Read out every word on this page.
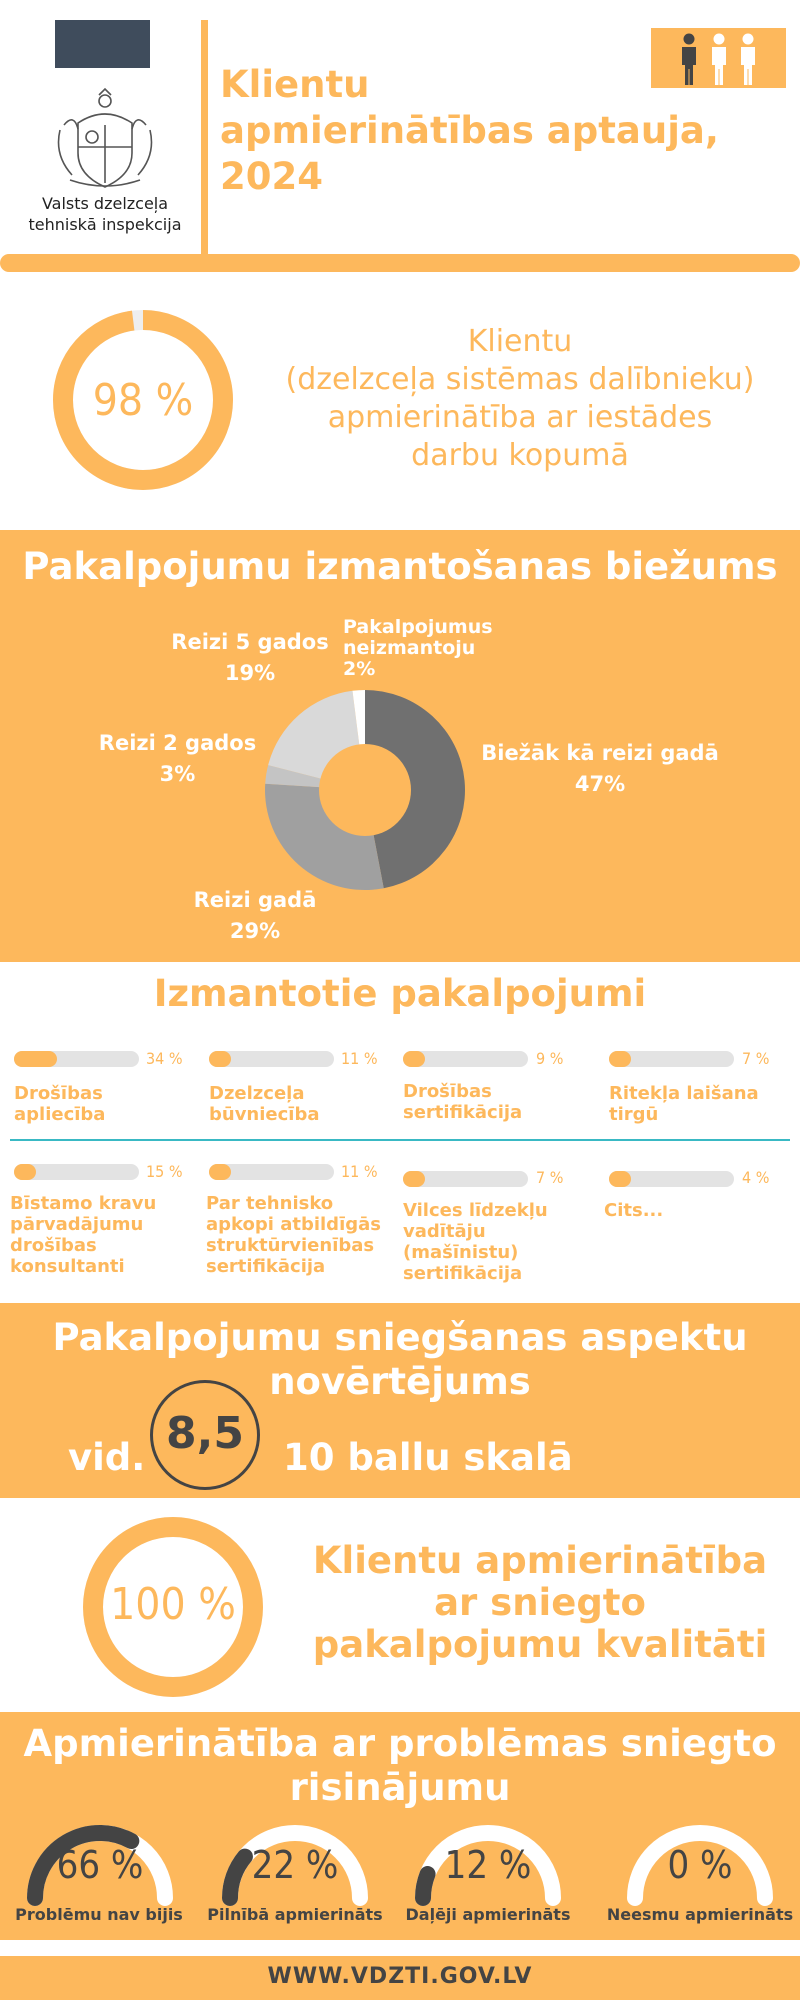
Valsts dzelzceļa
tehniskā inspekcija
Klientu
apmierinātības aptauja,
2024
98 %
Klientu
(dzelzceļa sistēmas dalībnieku)
apmierinātība ar iestādes
darbu kopumā
Pakalpojumu izmantošanas biežums
Biežāk kā reizi gadā
47%
Reizi gadā
29%
Reizi 2 gados
3%
Reizi 5 gados
19%
Pakalpojumus
neizmantoju
2%
Izmantotie pakalpojumi
34 %
Drošības apliecība
11 %
Dzelzceļa būvniecība
9 %
Drošības sertifikācija
7 %
Ritekļa laišana tirgū
15 %
Bīstamo kravu pārvadājumu drošības konsultanti
11 %
Par tehnisko apkopi atbildīgās struktūrvienības sertifikācija
7 %
Vilces līdzekļu vadītāju (mašīnistu) sertifikācija
4 %
Cits...
Pakalpojumu sniegšanas aspektu
novērtējums
vid. 8,5	10 ballu skalā
100 %
Klientu apmierinātība
ar sniegto
pakalpojumu kvalitāti
Apmierinātība ar problēmas sniegto
risinājumu
66 %	22 %	12 %	0 %
Problēmu nav bijis	Pilnībā apmierināts	Daļēji apmierināts	Neesmu apmierināts
WWW.VDZTI.GOV.LV
